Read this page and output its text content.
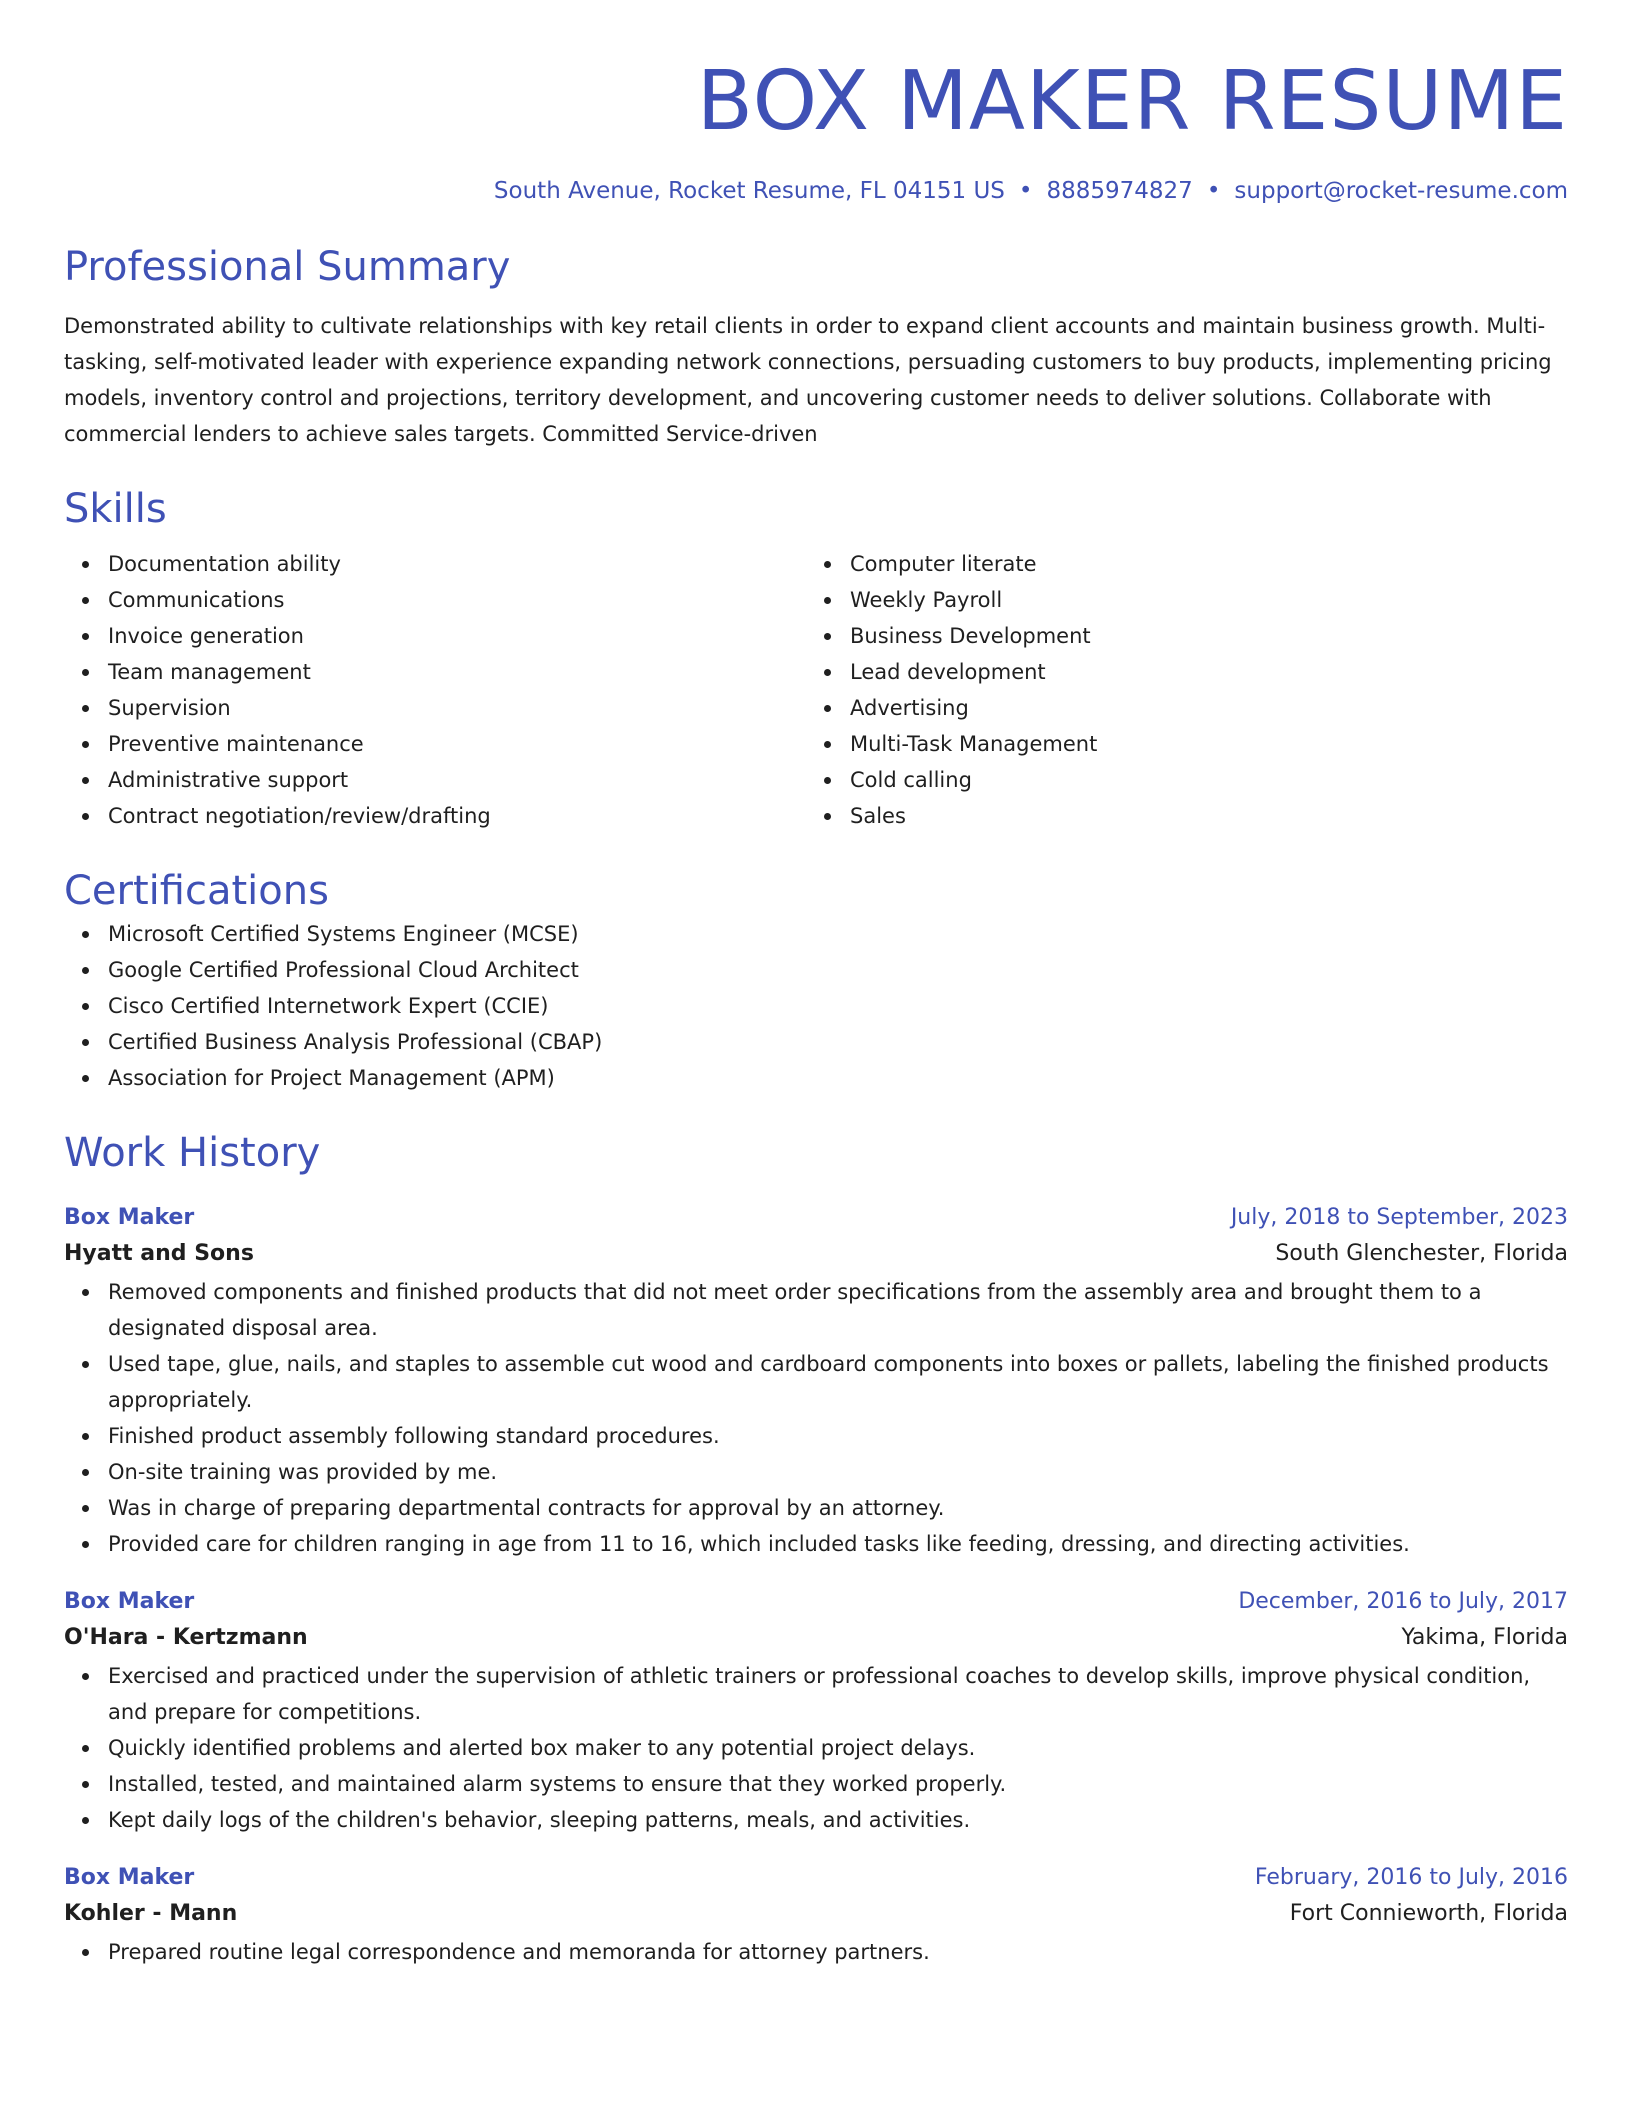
BOX MAKER RESUME
South Avenue, Rocket Resume, FL 04151 US • 8885974827 • support@rocket-resume.com
Professional Summary

Demonstrated ability to cultivate relationships with key retail clients in order to expand client accounts and maintain business growth. Multi-tasking, self-motivated leader with experience expanding network connections, persuading customers to buy products, implementing pricing models, inventory control and projections, territory development, and uncovering customer needs to deliver solutions. Collaborate with commercial lenders to achieve sales targets. Committed Service-driven

Skills
Documentation ability
Communications
Invoice generation
Team management
Supervision
Preventive maintenance
Administrative support
Contract negotiation/review/drafting
Computer literate
Weekly Payroll
Business Development
Lead development
Advertising
Multi-Task Management
Cold calling
Sales
Certifications
Microsoft Certified Systems Engineer (MCSE)
Google Certified Professional Cloud Architect
Cisco Certified Internetwork Expert (CCIE)
Certified Business Analysis Professional (CBAP)
Association for Project Management (APM)
Work History
Box Maker	July, 2018 to September, 2023
Hyatt and Sons	South Glenchester, Florida
Removed components and finished products that did not meet order specifications from the assembly area and brought them to a designated disposal area.
Used tape, glue, nails, and staples to assemble cut wood and cardboard components into boxes or pallets, labeling the finished products appropriately.
Finished product assembly following standard procedures.
On-site training was provided by me.
Was in charge of preparing departmental contracts for approval by an attorney.
Provided care for children ranging in age from 11 to 16, which included tasks like feeding, dressing, and directing activities.
Box Maker	December, 2016 to July, 2017
O'Hara - Kertzmann	Yakima, Florida
Exercised and practiced under the supervision of athletic trainers or professional coaches to develop skills, improve physical condition, and prepare for competitions.
Quickly identified problems and alerted box maker to any potential project delays.
Installed, tested, and maintained alarm systems to ensure that they worked properly.
Kept daily logs of the children's behavior, sleeping patterns, meals, and activities.
Box Maker	February, 2016 to July, 2016
Kohler - Mann	Fort Connieworth, Florida
Prepared routine legal correspondence and memoranda for attorney partners.
